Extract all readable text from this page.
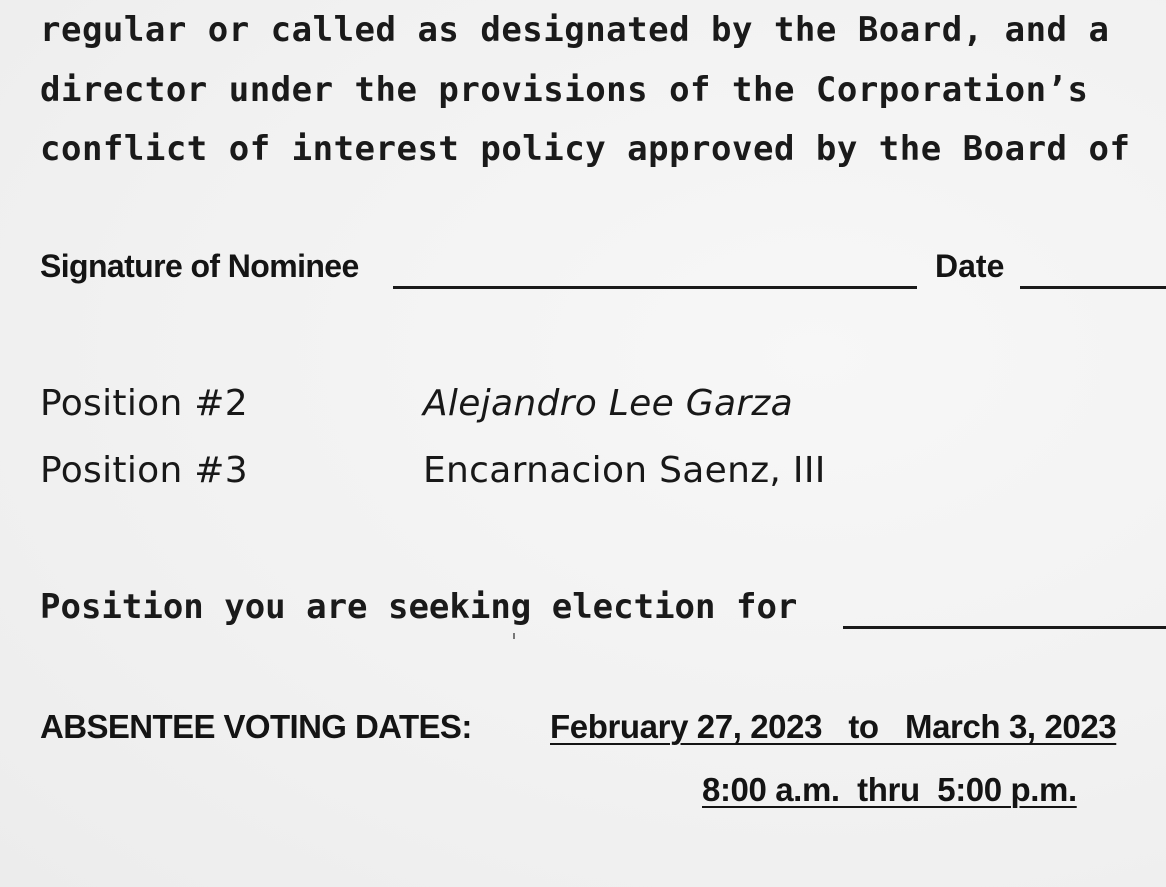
regular or called as designated by the Board, and a
director under the provisions of the Corporation’s
conflict of interest policy approved by the Board of
Signature of Nominee	Date
Position #2	Alejandro Lee Garza
Position #3	Encarnacion Saenz, III
Position you are seeking election for
ABSENTEE VOTING DATES: February 27, 2023   to   March 3, 2023
8:00 a.m.  thru  5:00 p.m.
